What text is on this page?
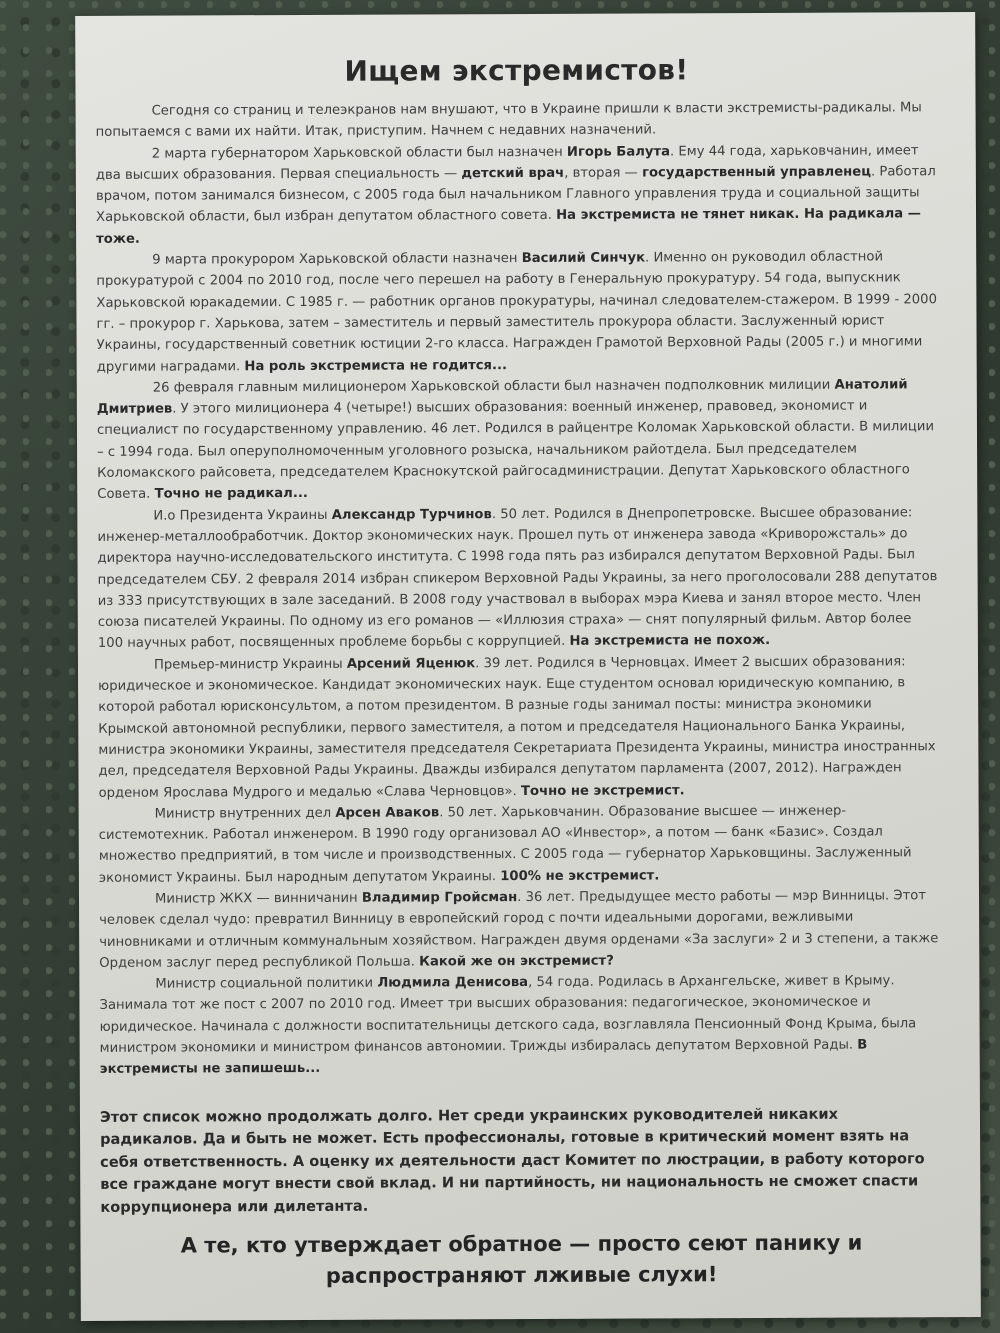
Ищем экстремистов!

Сегодня со страниц и телеэкранов нам внушают, что в Украине пришли к власти экстремисты-радикалы. Мы попытаемся с вами их найти. Итак, приступим. Начнем с недавних назначений.

2 марта губернатором Харьковской области был назначен Игорь Балута. Ему 44 года, харьковчанин, имеет два высших образования. Первая специальность — детский врач, вторая — государственный управленец. Работал врачом, потом занимался бизнесом, с 2005 года был начальником Главного управления труда и социальной защиты Харьковской области, был избран депутатом областного совета. На экстремиста не тянет никак. На радикала — тоже.

9 марта прокурором Харьковской области назначен Василий Синчук. Именно он руководил областной прокуратурой с 2004 по 2010 год, после чего перешел на работу в Генеральную прокуратуру. 54 года, выпускник Харьковской юракадемии. С 1985 г. — работник органов прокуратуры, начинал следователем-стажером. В 1999 - 2000 гг. – прокурор г. Харькова, затем – заместитель и первый заместитель прокурора области. Заслуженный юрист Украины, государственный советник юстиции 2-го класса. Награжден Грамотой Верховной Рады (2005 г.) и многими другими наградами. На роль экстремиста не годится...

26 февраля главным милиционером Харьковской области был назначен подполковник милиции Анатолий Дмитриев. У этого милиционера 4 (четыре!) высших образования: военный инженер, правовед, экономист и специалист по государственному управлению. 46 лет. Родился в райцентре Коломак Харьковской области. В милиции – с 1994 года. Был оперуполномоченным уголовного розыска, начальником райотдела. Был председателем Коломакского райсовета, председателем Краснокутской райгосадминистрации. Депутат Харьковского областного Совета. Точно не радикал...

И.о Президента Украины Александр Турчинов. 50 лет. Родился в Днепропетровске. Высшее образование: инженер-металлообработчик. Доктор экономических наук. Прошел путь от инженера завода «Криворожсталь» до директора научно-исследовательского института. С 1998 года пять раз избирался депутатом Верховной Рады. Был председателем СБУ. 2 февраля 2014 избран спикером Верховной Рады Украины, за него проголосовали 288 депутатов из 333 присутствующих в зале заседаний. В 2008 году участвовал в выборах мэра Киева и занял второе место. Член союза писателей Украины. По одному из его романов — «Иллюзия страха» — снят популярный фильм. Автор более 100 научных работ, посвященных проблеме борьбы с коррупцией. На экстремиста не похож.

Премьер-министр Украины Арсений Яценюк. 39 лет. Родился в Черновцах. Имеет 2 высших образования: юридическое и экономическое. Кандидат экономических наук. Еще студентом основал юридическую компанию, в которой работал юрисконсультом, а потом президентом. В разные годы занимал посты: министра экономики Крымской автономной республики, первого заместителя, а потом и председателя Национального Банка Украины, министра экономики Украины, заместителя председателя Секретариата Президента Украины, министра иностранных дел, председателя Верховной Рады Украины. Дважды избирался депутатом парламента (2007, 2012). Награжден орденом Ярослава Мудрого и медалью «Слава Черновцов». Точно не экстремист.

Министр внутренних дел Арсен Аваков. 50 лет. Харьковчанин. Образование высшее — инженер-системотехник. Работал инженером. В 1990 году организовал АО «Инвестор», а потом — банк «Базис». Создал множество предприятий, в том числе и производственных. С 2005 года — губернатор Харьковщины. Заслуженный экономист Украины. Был народным депутатом Украины. 100% не экстремист.

Министр ЖКХ — винничанин Владимир Гройсман. 36 лет. Предыдущее место работы — мэр Винницы. Этот человек сделал чудо: превратил Винницу в европейский город с почти идеальными дорогами, вежливыми чиновниками и отличным коммунальным хозяйством. Награжден двумя орденами «За заслуги» 2 и 3 степени, а также Орденом заслуг перед республикой Польша. Какой же он экстремист?

Министр социальной политики Людмила Денисова, 54 года. Родилась в Архангельске, живет в Крыму. Занимала тот же пост с 2007 по 2010 год. Имеет три высших образования: педагогическое, экономическое и юридическое. Начинала с должности воспитательницы детского сада, возглавляла Пенсионный Фонд Крыма, была министром экономики и министром финансов автономии. Трижды избиралась депутатом Верховной Рады. В экстремисты не запишешь...

Этот список можно продолжать долго. Нет среди украинских руководителей никаких радикалов. Да и быть не может. Есть профессионалы, готовые в критический момент взять на себя ответственность. А оценку их деятельности даст Комитет по люстрации, в работу которого все граждане могут внести свой вклад. И ни партийность, ни национальность не сможет спасти коррупционера или дилетанта.
А те, кто утверждает обратное — просто сеют панику и распространяют лживые слухи!
